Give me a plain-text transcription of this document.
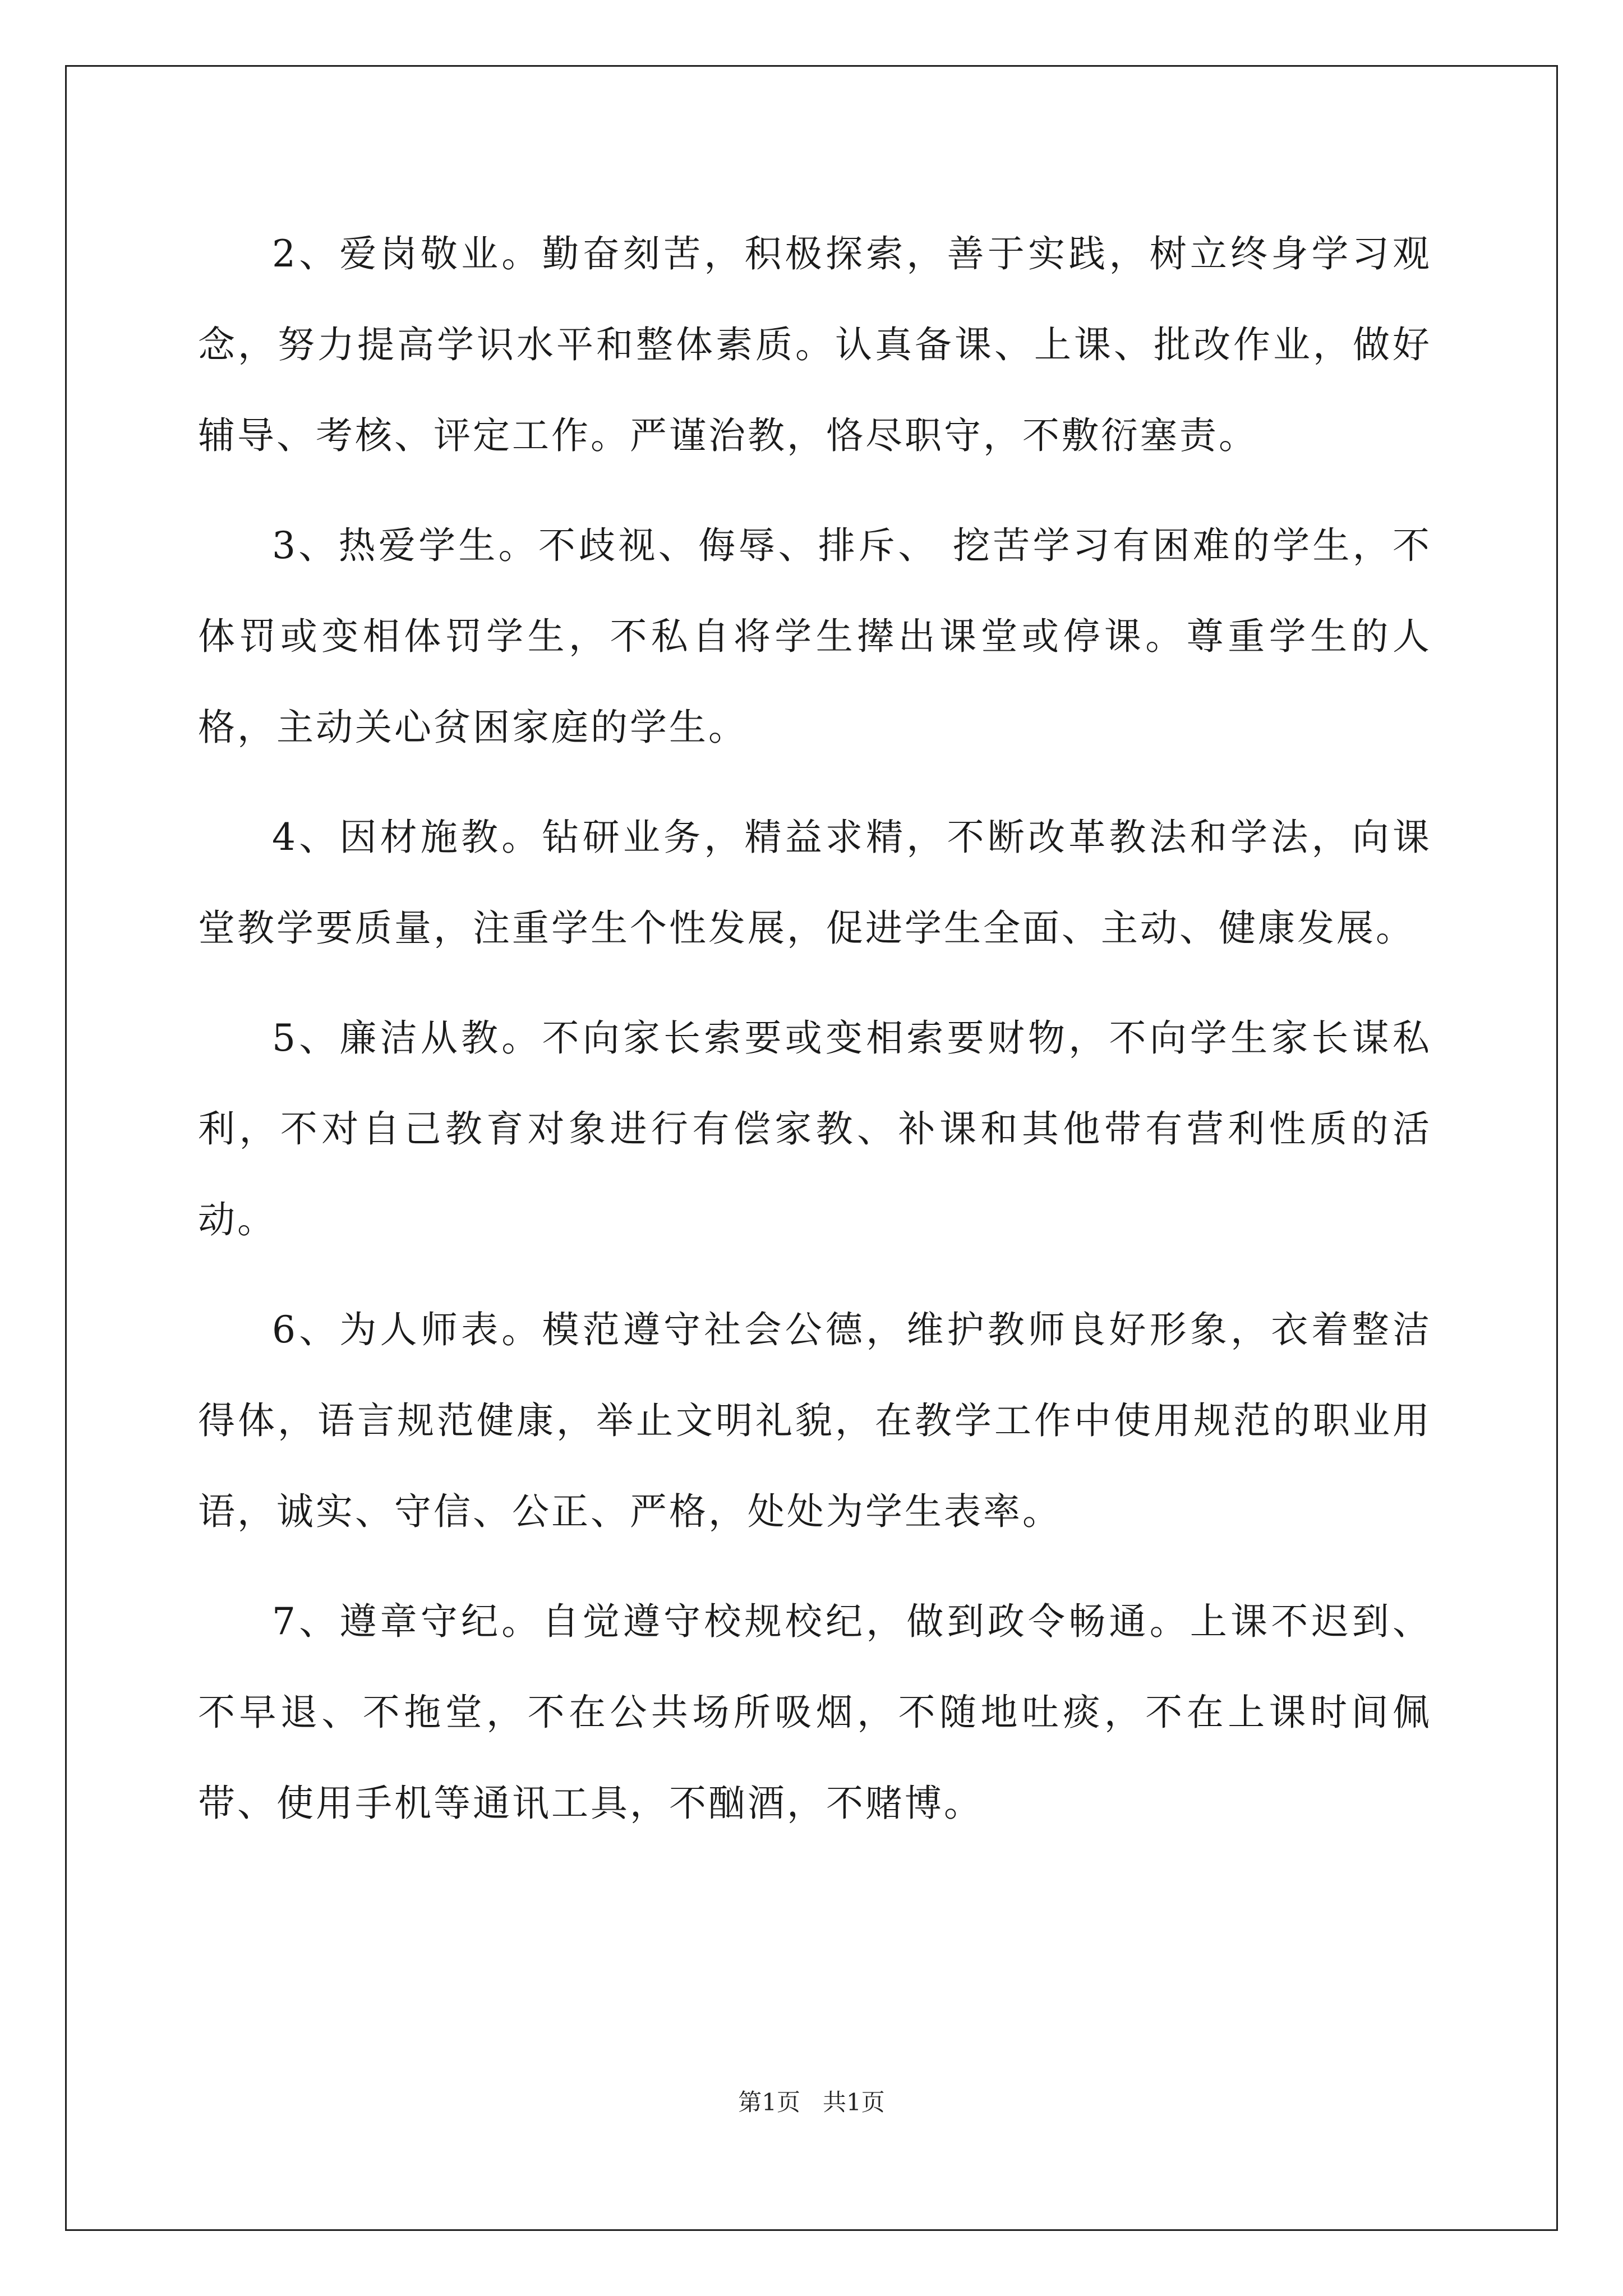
2、爱岗敬业。勤奋刻苦，积极探索，善于实践，树立终身学习观念，努力提高学识水平和整体素质。认真备课、上课、批改作业，做好辅导、考核、评定工作。严谨治教，恪尽职守，不敷衍塞责。

3、热爱学生。不歧视、侮辱、排斥、 挖苦学习有困难的学生，不体罚或变相体罚学生，不私自将学生撵出课堂或停课。尊重学生的人格，主动关心贫困家庭的学生。

4、因材施教。钻研业务，精益求精，不断改革教法和学法，向课堂教学要质量，注重学生个性发展，促进学生全面、主动、健康发展。

5、廉洁从教。不向家长索要或变相索要财物，不向学生家长谋私利，不对自己教育对象进行有偿家教、补课和其他带有营利性质的活动。

6、为人师表。模范遵守社会公德，维护教师良好形象，衣着整洁得体，语言规范健康，举止文明礼貌，在教学工作中使用规范的职业用语，诚实、守信、公正、严格，处处为学生表率。

7、遵章守纪。自觉遵守校规校纪，做到政令畅通。上课不迟到、不早退、不拖堂，不在公共场所吸烟，不随地吐痰，不在上课时间佩带、使用手机等通讯工具，不酗酒，不赌博。

第1页 共1页
